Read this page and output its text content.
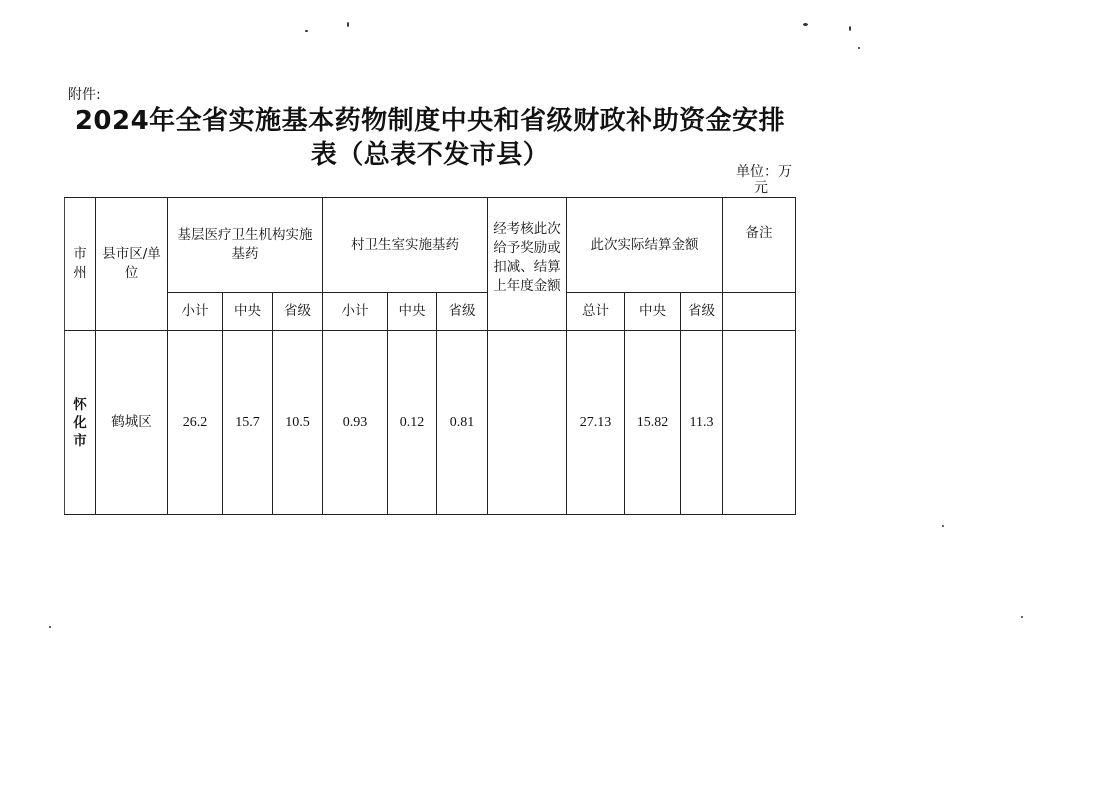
附件:
2024年全省实施基本药物制度中央和省级财政补助资金安排
表（总表不发市县）
单位：万
元
市州	县市区/单位	基层医疗卫生机构实施基药			村卫生室实施基药			经考核此次给予奖励或扣减、结算上年度金额	此次实际结算金额			备注
		小计	中央	省级	小计	中央	省级		总计	中央	省级	
怀化市	鹤城区	26.2	15.7	10.5	0.93	0.12	0.81		27.13	15.82	11.3	
